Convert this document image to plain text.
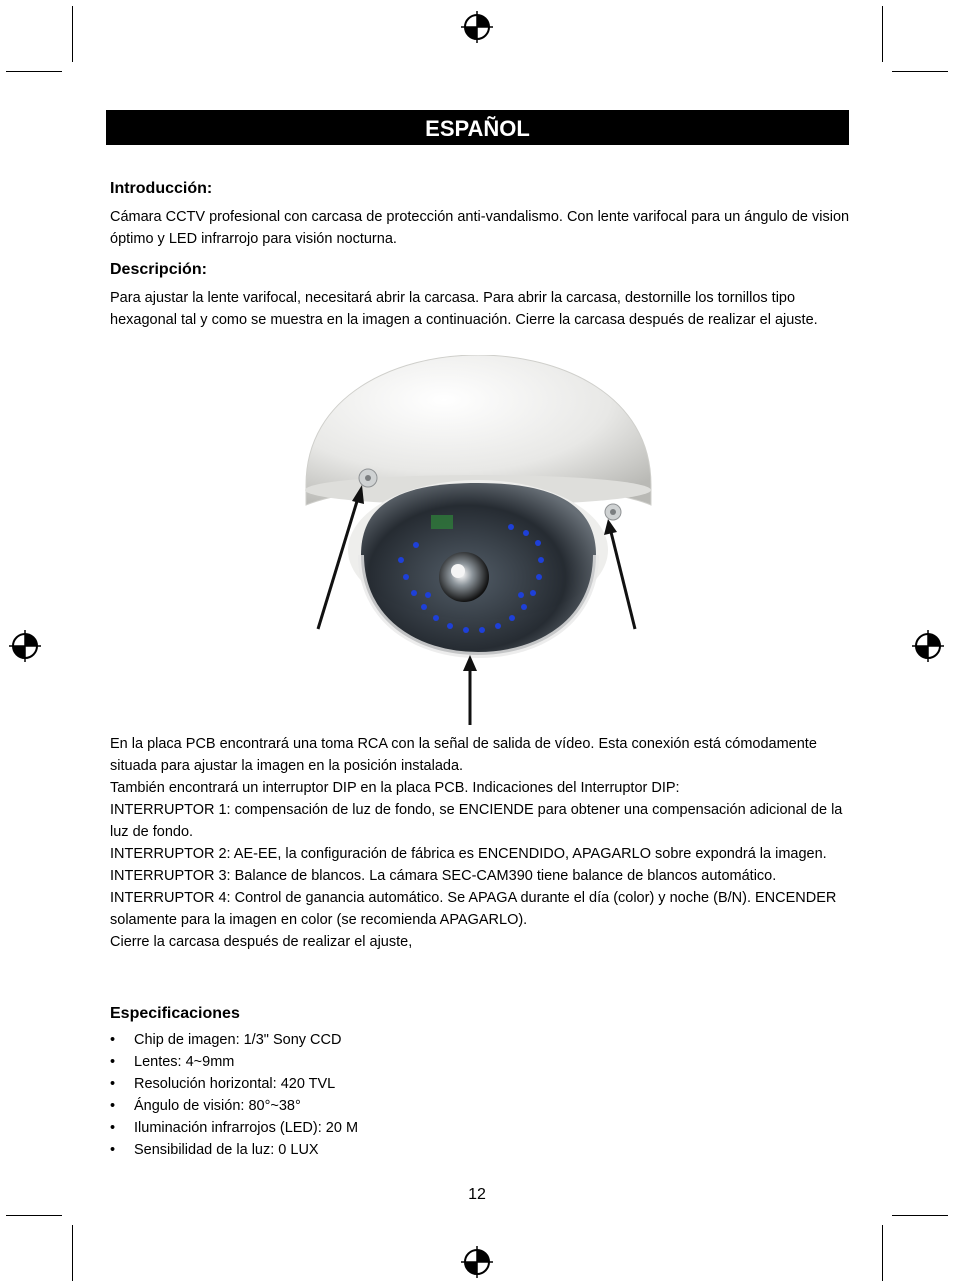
ESPAÑOL
Introducción:

Cámara CCTV profesional con carcasa de protección anti-vandalismo. Con lente varifocal para un ángulo de vision óptimo y LED infrarrojo para visión nocturna.

Descripción:

Para ajustar la lente varifocal, necesitará abrir la carcasa. Para abrir la carcasa, destornille los tornillos tipo hexagonal tal y como se muestra en la imagen a continuación. Cierre la carcasa después de realizar el ajuste.

En la placa PCB encontrará una toma RCA con la señal de salida de vídeo. Esta conexión está cómodamente situada para ajustar la imagen en la posición instalada.

También encontrará un interruptor DIP en la placa PCB. Indicaciones del Interruptor DIP:

INTERRUPTOR 1: compensación de luz de fondo, se ENCIENDE para obtener una compensación adicional de la luz de fondo.

INTERRUPTOR 2: AE-EE, la configuración de fábrica es ENCENDIDO, APAGARLO sobre expondrá la imagen.

INTERRUPTOR 3: Balance de blancos. La cámara SEC-CAM390 tiene balance de blancos automático.

INTERRUPTOR 4: Control de ganancia automático. Se APAGA durante el día (color) y noche (B/N). ENCENDER solamente para la imagen en color (se recomienda APAGARLO).

Cierre la carcasa después de realizar el ajuste,

Especificaciones
• Chip de imagen: 1/3" Sony CCD
• Lentes: 4~9mm
• Resolución horizontal: 420 TVL
• Ángulo de visión: 80°~38°
• Iluminación infrarrojos (LED): 20 M
• Sensibilidad de la luz: 0 LUX
12
